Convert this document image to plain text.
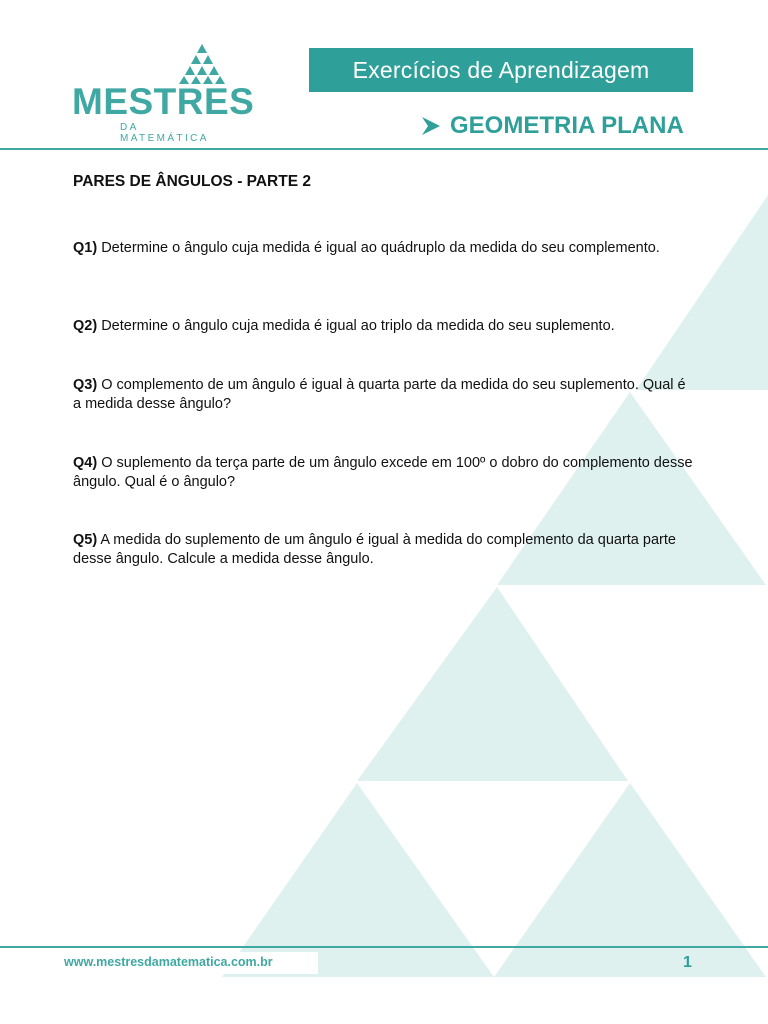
MESTRES
DA MATEMÁTICA
Exercícios de Aprendizagem
GEOMETRIA PLANA
PARES DE ÂNGULOS - PARTE 2
Q1) Determine o ângulo cuja medida é igual ao quádruplo da medida do seu complemento.
Q2) Determine o ângulo cuja medida é igual ao triplo da medida do seu suplemento.
Q3) O complemento de um ângulo é igual à quarta parte da medida do seu suplemento. Qual é a medida desse ângulo?
Q4) O suplemento da terça parte de um ângulo excede em 100º o dobro do complemento desse ângulo. Qual é o ângulo?
Q5) A medida do suplemento de um ângulo é igual à medida do complemento da quarta parte desse ângulo. Calcule a medida desse ângulo.
www.mestresdamatematica.com.br	1
